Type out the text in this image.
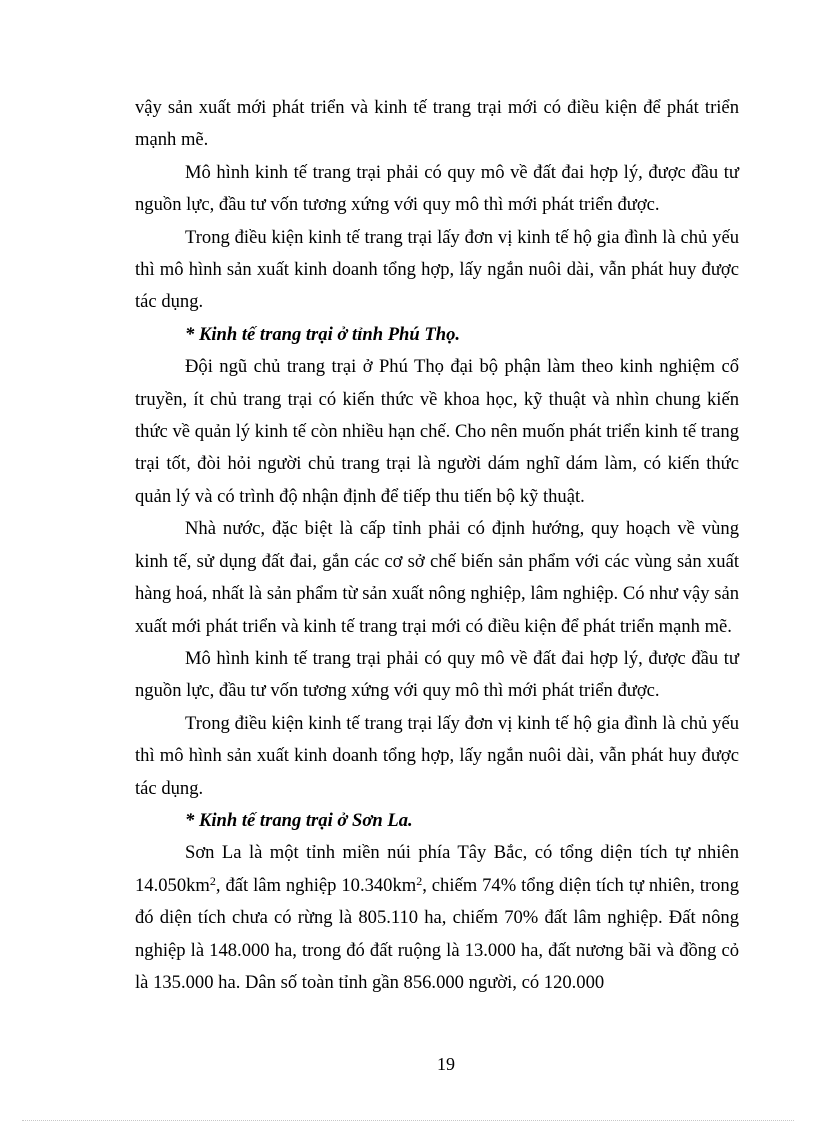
vậy sản xuất mới phát triển và kinh tế trang trại mới có điều kiện để phát triển mạnh mẽ.

Mô hình kinh tế trang trại phải có quy mô về đất đai hợp lý, được đầu tư nguồn lực, đầu tư vốn tương xứng với quy mô thì mới phát triển được.

Trong điều kiện kinh tế trang trại lấy đơn vị kinh tế hộ gia đình là chủ yếu thì mô hình sản xuất kinh doanh tổng hợp, lấy ngắn nuôi dài, vẫn phát huy được tác dụng.

* Kinh tế trang trại ở tỉnh Phú Thọ.

Đội ngũ chủ trang trại ở Phú Thọ đại bộ phận làm theo kinh nghiệm cổ truyền, ít chủ trang trại có kiến thức về khoa học, kỹ thuật và nhìn chung kiến thức về quản lý kinh tế còn nhiều hạn chế. Cho nên muốn phát triển kinh tế trang trại tốt, đòi hỏi người chủ trang trại là người dám nghĩ dám làm, có kiến thức quản lý và có trình độ nhận định để tiếp thu tiến bộ kỹ thuật.

Nhà nước, đặc biệt là cấp tỉnh phải có định hướng, quy hoạch về vùng kinh tế, sử dụng đất đai, gắn các cơ sở chế biến sản phẩm với các vùng sản xuất hàng hoá, nhất là sản phẩm từ sản xuất nông nghiệp, lâm nghiệp. Có như vậy sản xuất mới phát triển và kinh tế trang trại mới có điều kiện để phát triển mạnh mẽ.

Mô hình kinh tế trang trại phải có quy mô về đất đai hợp lý, được đầu tư nguồn lực, đầu tư vốn tương xứng với quy mô thì mới phát triển được.

Trong điều kiện kinh tế trang trại lấy đơn vị kinh tế hộ gia đình là chủ yếu thì mô hình sản xuất kinh doanh tổng hợp, lấy ngắn nuôi dài, vẫn phát huy được tác dụng.

* Kinh tế trang trại ở Sơn La.

Sơn La là một tỉnh miền núi phía Tây Bắc, có tổng diện tích tự nhiên $14.050km^2$, đất lâm nghiệp $10.340km^2$, chiếm 74% tổng diện tích tự nhiên, trong đó diện tích chưa có rừng là 805.110 ha, chiếm 70% đất lâm nghiệp. Đất nông nghiệp là 148.000 ha, trong đó đất ruộng là 13.000 ha, đất nương bãi và đồng cỏ là 135.000 ha. Dân số toàn tỉnh gần 856.000 người, có 120.000

19
